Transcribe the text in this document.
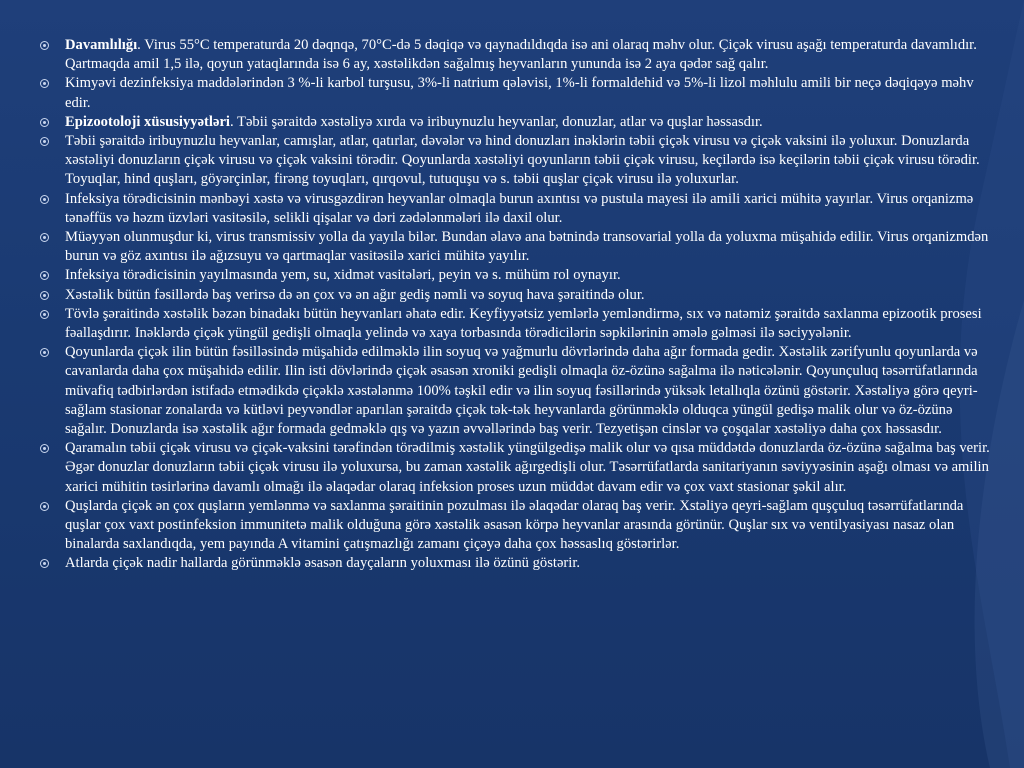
Davamlılığı. Virus 55°C temperaturda 20 dəqnqə, 70°C-də 5 dəqiqə və qaynadıldıqda isə ani olaraq məhv olur. Çiçək virusu aşağı temperaturda davamlıdır. Qartmaqda amil 1,5 ilə, qoyun yataqlarında isə 6 ay, xəstəlikdən sağalmış heyvanların yununda isə 2 aya qədər sağ qalır.
Kimyəvi dezinfeksiya maddələrindən 3 %-li karbol turşusu, 3%-li natrium qələvisi, 1%-li formaldehid və 5%-li lizol məhlulu amili bir neçə dəqiqəyə məhv edir.
Epizootoloji xüsusiyyətləri. Təbii şəraitdə xəstəliyə xırda və iribuynuzlu heyvanlar, donuzlar, atlar və quşlar həssasdır.
Təbii şəraitdə iribuynuzlu heyvanlar, camışlar, atlar, qatırlar, dəvələr və hind donuzları inəklərin təbii çiçək virusu və çiçək vaksini ilə yoluxur. Donuzlarda xəstəliyi donuzların çiçək virusu və çiçək vaksini törədir. Qoyunlarda xəstəliyi qoyunların təbii çiçək virusu, keçilərdə isə keçilərin təbii çiçək virusu törədir. Toyuqlar, hind quşları, göyərçinlər, firəng toyuqları, qırqovul, tutuquşu və s. təbii quşlar çiçək virusu ilə yoluxurlar.
Infeksiya törədicisinin mənbəyi xəstə və virusgəzdirən heyvanlar olmaqla burun axıntısı və pustula mayesi ilə amili xarici mühitə yayırlar. Virus orqanizmə tənəffüs və həzm üzvləri vasitəsilə, selikli qişalar və dəri zədələnmələri ilə daxil olur.
Müəyyən olunmuşdur ki, virus transmissiv yolla da yayıla bilər. Bundan əlavə ana bətnində transovarial yolla da yoluxma müşahidə edilir. Virus orqanizmdən burun və göz axıntısı ilə ağızsuyu və qartmaqlar vasitəsilə xarici mühitə yayılır.
Infeksiya törədicisinin yayılmasında yem, su, xidmət vasitələri, peyin və s. mühüm rol oynayır.
Xəstəlik bütün fəsillərdə baş verirsə də ən çox və ən ağır gediş nəmli və soyuq hava şəraitində olur.
Tövlə şəraitində xəstəlik bəzən binadakı bütün heyvanları əhatə edir. Keyfiyyətsiz yemlərlə yemləndirmə, sıx və natəmiz şəraitdə saxlanma epizootik prosesi fəallaşdırır. Inəklərdə çiçək yüngül gedişli olmaqla yelində və xaya torbasında törədicilərin səpkilərinin əmələ gəlməsi ilə səciyyələnir.
Qoyunlarda çiçək ilin bütün fəsilləsində müşahidə edilməklə ilin soyuq və yağmurlu dövrlərində daha ağır formada gedir. Xəstəlik zərifyunlu qoyunlarda və cavanlarda daha çox müşahidə edilir. Ilin isti dövlərində çiçək əsasən xroniki gedişli olmaqla öz-özünə sağalma ilə nəticələnir. Qoyunçuluq təsərrüfatlarında müvafiq tədbirlərdən istifadə etmədikdə çiçəklə xəstələnmə 100% təşkil edir və ilin soyuq fəsillərində yüksək letallıqla özünü göstərir. Xəstəliyə görə qeyri-sağlam stasionar zonalarda və kütləvi peyvəndlər aparılan şəraitdə çiçək tək-tək heyvanlarda görünməklə olduqca yüngül gedişə malik olur və öz-özünə sağalır. Donuzlarda isə xəstəlik ağır formada gedməklə qış və yazın əvvəllərində baş verir. Tezyetişən cinslər və çoşqalar xəstəliyə daha çox həssasdır.
Qaramalın təbii çiçək virusu və çiçək-vaksini tərəfindən törədilmiş xəstəlik yüngülgedişə malik olur və qısa müddətdə donuzlarda öz-özünə sağalma baş verir. Əgər donuzlar donuzların təbii çiçək virusu ilə yoluxursa, bu zaman xəstəlik ağırgedişli olur. Təsərrüfatlarda sanitariyanın səviyyəsinin aşağı olması və amilin xarici mühitin təsirlərinə davamlı olmağı ilə əlaqədar olaraq infeksion proses uzun müddət davam edir və çox vaxt stasionar şəkil alır.
Quşlarda çiçək ən çox quşların yemlənmə və saxlanma şəraitinin pozulması ilə əlaqədar olaraq baş verir. Xstəliyə qeyri-sağlam quşçuluq təsərrüfatlarında quşlar çox vaxt postinfeksion immunitetə malik olduğuna görə xəstəlik əsasən körpə heyvanlar arasında görünür. Quşlar sıx və ventilyasiyası nasaz olan binalarda saxlandıqda, yem payında A vitamini çatışmazlığı zamanı çiçəyə daha çox həssaslıq göstərirlər.
Atlarda çiçək nadir hallarda görünməklə əsasən dayçaların yoluxması ilə özünü göstərir.
